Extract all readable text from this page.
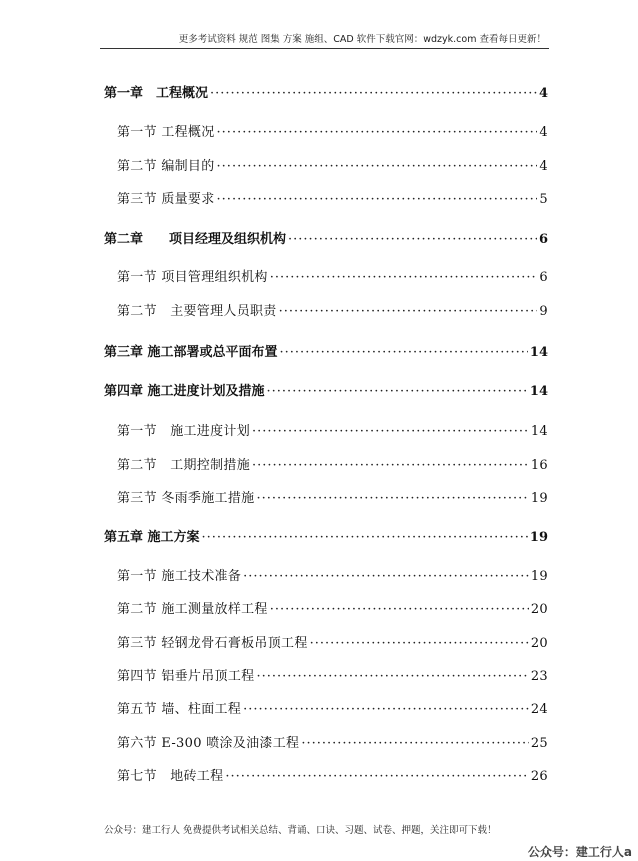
更多考试资料 规范 图集 方案 施组、CAD 软件下载官网：wdzyk.com 查看每日更新！
第一章　工程概况 ·····	4
第一节 工程概况 ·····	4
第二节 编制目的 ·····	4
第三节 质量要求 ·····	5
第二章　　项目经理及组织机构 ·····	6
第一节 项目管理组织机构 ·····	6
第二节　主要管理人员职责 ·····	9
第三章 施工部署或总平面布置 ·····	14
第四章 施工进度计划及措施 ·····	14
第一节　施工进度计划 ·····	14
第二节　工期控制措施 ·····	16
第三节 冬雨季施工措施 ·····	19
第五章 施工方案 ·····	19
第一节 施工技术准备 ·····	19
第二节 施工测量放样工程 ·····	20
第三节 轻钢龙骨石膏板吊顶工程 ·····	20
第四节 铝垂片吊顶工程 ·····	23
第五节 墙、柱面工程 ·····	24
第六节 E-300 喷涂及油漆工程 ·····	25
第七节　地砖工程 ·····	26
公众号：建工行人 免费提供考试相关总结、背诵、口诀、习题、试卷、押题，关注即可下载！
公众号：建工行人a
